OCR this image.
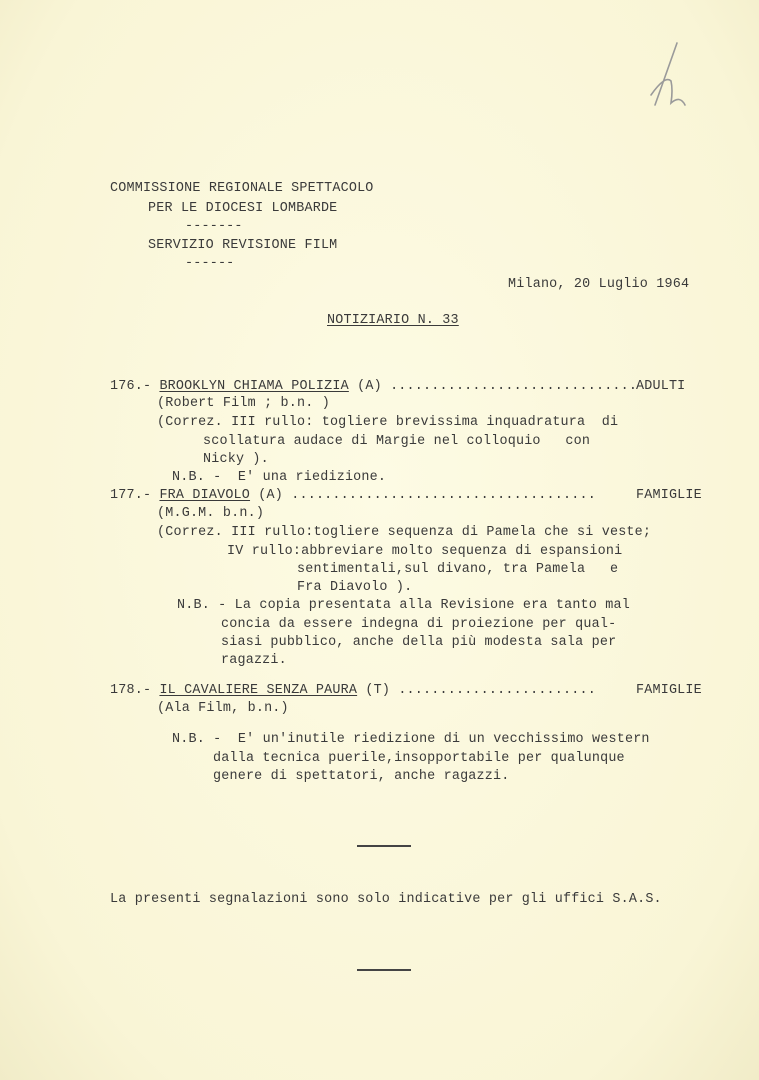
COMMISSIONE REGIONALE SPETTACOLO
PER LE DIOCESI LOMBARDE
-------
SERVIZIO REVISIONE FILM
------
Milano, 20 Luglio 1964
NOTIZIARIO N. 33
176.- BROOKLYN CHIAMA POLIZIA (A) ..............................
ADULTI
(Robert Film ; b.n. )
(Correz. III rullo: togliere brevissima inquadratura  di
scollatura audace di Margie nel colloquio   con
Nicky ).
N.B. -  E' una riedizione.
177.- FRA DIAVOLO (A) .....................................	FAMIGLIE
(M.G.M. b.n.)
(Correz. III rullo:togliere sequenza di Pamela che si veste;
IV rullo:abbreviare molto sequenza di espansioni
sentimentali,sul divano, tra Pamela   e
Fra Diavolo ).
N.B. - La copia presentata alla Revisione era tanto mal
concia da essere indegna di proiezione per qual-
siasi pubblico, anche della più modesta sala per
ragazzi.
178.- IL CAVALIERE SENZA PAURA (T) ........................	FAMIGLIE
(Ala Film, b.n.)
N.B. -  E' un'inutile riedizione di un vecchissimo western
dalla tecnica puerile,insopportabile per qualunque
genere di spettatori, anche ragazzi.
La presenti segnalazioni sono solo indicative per gli uffici S.A.S.
